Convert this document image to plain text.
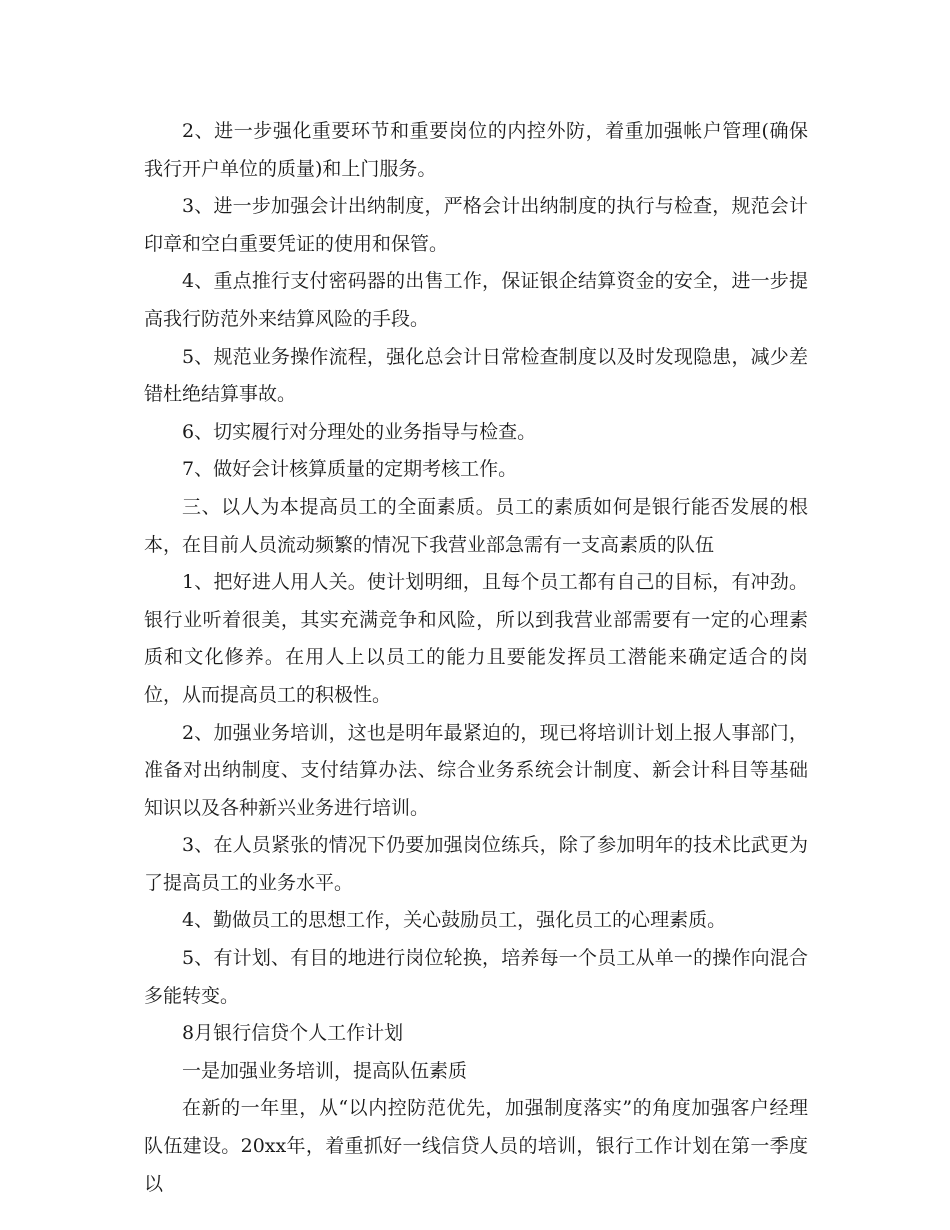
2、进一步强化重要环节和重要岗位的内控外防，着重加强帐户管理(确保我行开户单位的质量)和上门服务。

3、进一步加强会计出纳制度，严格会计出纳制度的执行与检查，规范会计印章和空白重要凭证的使用和保管。

4、重点推行支付密码器的出售工作，保证银企结算资金的安全，进一步提高我行防范外来结算风险的手段。

5、规范业务操作流程，强化总会计日常检查制度以及时发现隐患，减少差错杜绝结算事故。

6、切实履行对分理处的业务指导与检查。

7、做好会计核算质量的定期考核工作。

三、以人为本提高员工的全面素质。员工的素质如何是银行能否发展的根本，在目前人员流动频繁的情况下我营业部急需有一支高素质的队伍

1、把好进人用人关。使计划明细，且每个员工都有自己的目标，有冲劲。银行业听着很美，其实充满竞争和风险，所以到我营业部需要有一定的心理素质和文化修养。在用人上以员工的能力且要能发挥员工潜能来确定适合的岗位，从而提高员工的积极性。

2、加强业务培训，这也是明年最紧迫的，现已将培训计划上报人事部门，准备对出纳制度、支付结算办法、综合业务系统会计制度、新会计科目等基础知识以及各种新兴业务进行培训。

3、在人员紧张的情况下仍要加强岗位练兵，除了参加明年的技术比武更为了提高员工的业务水平。

4、勤做员工的思想工作，关心鼓励员工，强化员工的心理素质。

5、有计划、有目的地进行岗位轮换，培养每一个员工从单一的操作向混合多能转变。

8月银行信贷个人工作计划

一是加强业务培训，提高队伍素质

在新的一年里，从“以内控防范优先，加强制度落实”的角度加强客户经理队伍建设。20xx年，着重抓好一线信贷人员的培训，银行工作计划在第一季度以
